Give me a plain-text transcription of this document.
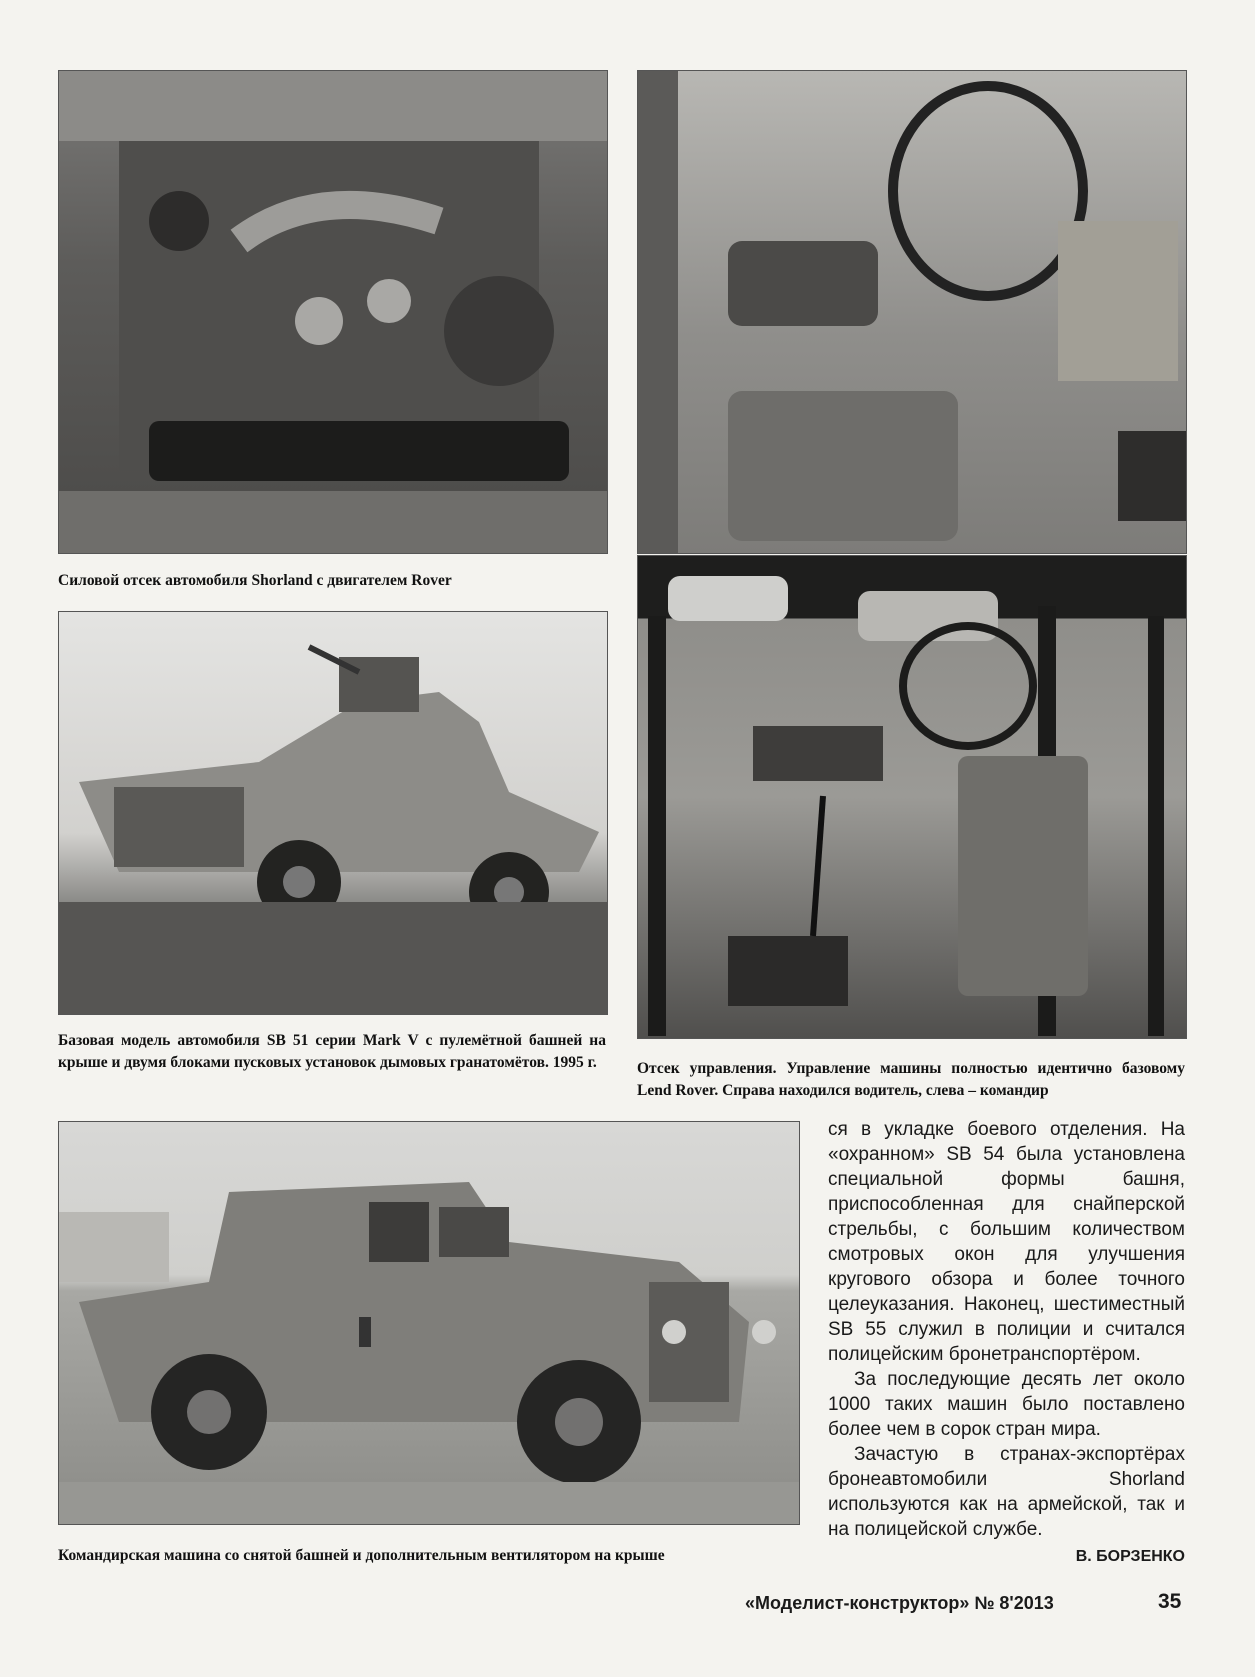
Силовой отсек автомобиля Shorland с двигателем Rover
Базовая модель автомобиля SB 51 серии Mark V с пулемётной башней на крыше и двумя блоками пусковых установок дымовых гранатомётов. 1995 г.	Отсек управления. Управление машины полностью идентично базовому Lend Rover. Справа находился водитель, слева – командир
Командирская машина со снятой башней и дополнительным вентилятором на крыше

ся в укладке боевого отделения. На «охранном» SB 54 была установлена специальной формы башня, приспособленная для снайперской стрельбы, с большим количеством смотровых окон для улучшения кругового обзора и более точного целеуказания. Наконец, шестиместный SB 55 служил в полиции и считался полицейским бронетранспортёром.

За последующие десять лет около 1000 таких машин было поставлено более чем в сорок стран мира.

Зачастую в странах-экспортёрах бронеавтомобили Shorland используются как на армейской, так и на полицейской службе.

В. БОРЗЕНКО
«Моделист-конструктор» № 8'2013	35
